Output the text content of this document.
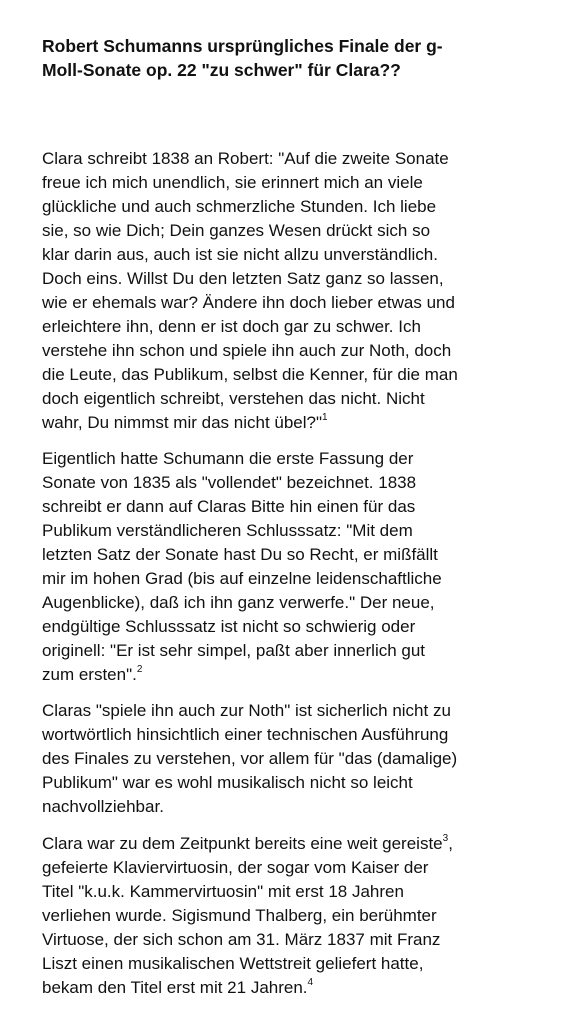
Robert Schumanns ursprüngliches Finale der g-
Moll-Sonate op. 22 "zu schwer" für Clara??

Clara schreibt 1838 an Robert: "Auf die zweite Sonate
freue ich mich unendlich, sie erinnert mich an viele
glückliche und auch schmerzliche Stunden. Ich liebe
sie, so wie Dich; Dein ganzes Wesen drückt sich so
klar darin aus, auch ist sie nicht allzu unverständlich.
Doch eins. Willst Du den letzten Satz ganz so lassen,
wie er ehemals war? Ändere ihn doch lieber etwas und
erleichtere ihn, denn er ist doch gar zu schwer. Ich
verstehe ihn schon und spiele ihn auch zur Noth, doch
die Leute, das Publikum, selbst die Kenner, für die man
doch eigentlich schreibt, verstehen das nicht. Nicht
wahr, Du nimmst mir das nicht übel?"$^1$

Eigentlich hatte Schumann die erste Fassung der
Sonate von 1835 als "vollendet" bezeichnet. 1838
schreibt er dann auf Claras Bitte hin einen für das
Publikum verständlicheren Schlusssatz: "Mit dem
letzten Satz der Sonate hast Du so Recht, er mißfällt
mir im hohen Grad (bis auf einzelne leidenschaftliche
Augenblicke), daß ich ihn ganz verwerfe." Der neue,
endgültige Schlusssatz ist nicht so schwierig oder
originell: "Er ist sehr simpel, paßt aber innerlich gut
zum ersten".$^2$

Claras "spiele ihn auch zur Noth" ist sicherlich nicht zu
wortwörtlich hinsichtlich einer technischen Ausführung
des Finales zu verstehen, vor allem für "das (damalige)
Publikum" war es wohl musikalisch nicht so leicht
nachvollziehbar.

Clara war zu dem Zeitpunkt bereits eine weit gereiste$^3$,
gefeierte Klaviervirtuosin, der sogar vom Kaiser der
Titel "k.u.k. Kammervirtuosin" mit erst 18 Jahren
verliehen wurde. Sigismund Thalberg, ein berühmter
Virtuose, der sich schon am 31. März 1837 mit Franz
Liszt einen musikalischen Wettstreit geliefert hatte,
bekam den Titel erst mit 21 Jahren.$^4$
